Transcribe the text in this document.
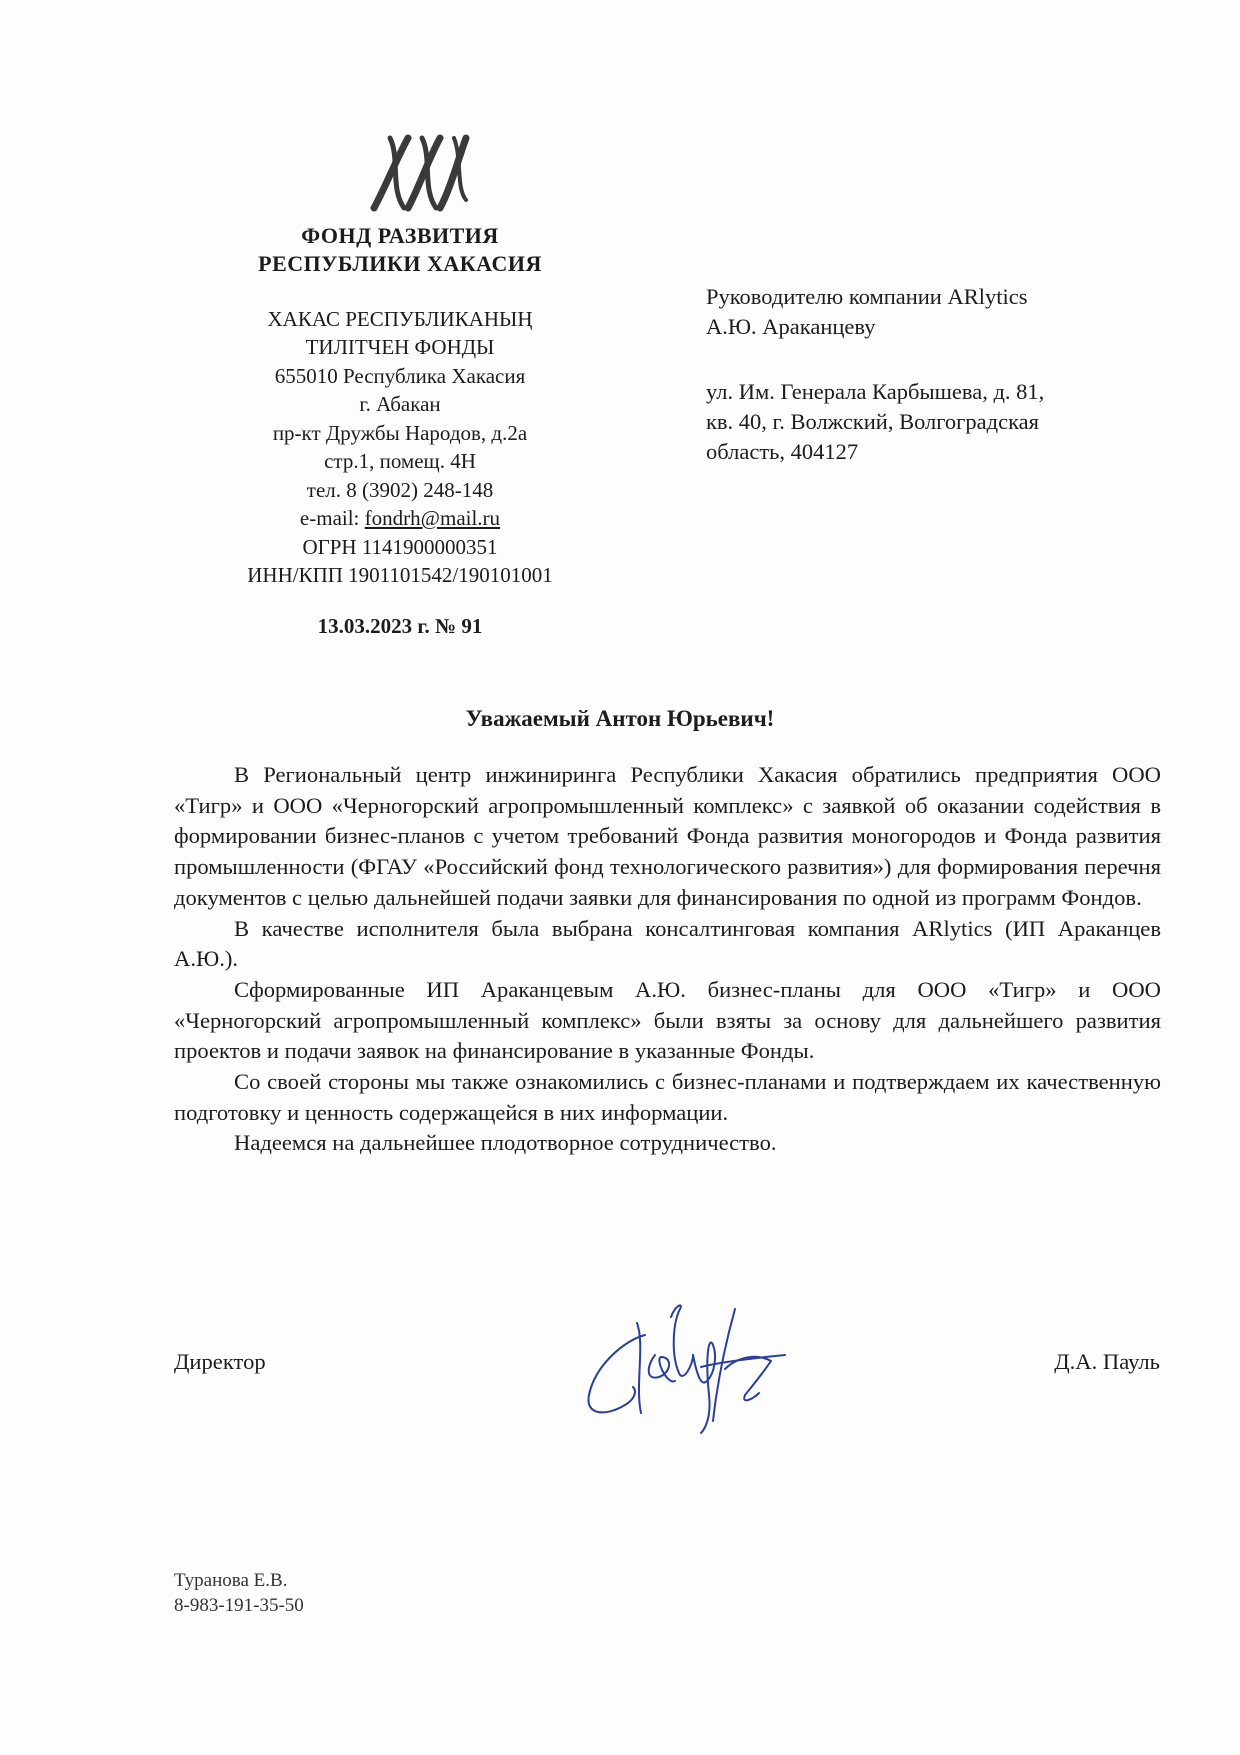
ФОНД РАЗВИТИЯ
РЕСПУБЛИКИ ХАКАСИЯ
ХАКАС РЕСПУБЛИКАНЫҢ
ТИЛIТЧЕН ФОНДЫ
655010 Республика Хакасия
г. Абакан
пр-кт Дружбы Народов, д.2а
стр.1, помещ. 4Н
тел. 8 (3902) 248-148
e-mail: fondrh@mail.ru
ОГРН 1141900000351
ИНН/КПП 1901101542/190101001
13.03.2023 г. № 91
Руководителю компании ARlytics
А.Ю. Араканцеву
ул. Им. Генерала Карбышева, д. 81,
кв. 40, г. Волжский, Волгоградская
область, 404127
Уважаемый Антон Юрьевич!

В Региональный центр инжиниринга Республики Хакасия обратились предприятия ООО «Тигр» и ООО «Черногорский агропромышленный комплекс» с заявкой об оказании содействия в формировании бизнес-планов с учетом требований Фонда развития моногородов и Фонда развития промышленности (ФГАУ «Российский фонд технологического развития») для формирования перечня документов с целью дальнейшей подачи заявки для финансирования по одной из программ Фондов.

В качестве исполнителя была выбрана консалтинговая компания ARlytics (ИП Араканцев А.Ю.).

Сформированные ИП Араканцевым А.Ю. бизнес-планы для ООО «Тигр» и ООО «Черногорский агропромышленный комплекс» были взяты за основу для дальнейшего развития проектов и подачи заявок на финансирование в указанные Фонды.

Со своей стороны мы также ознакомились с бизнес-планами и подтверждаем их качественную подготовку и ценность содержащейся в них информации.

Надеемся на дальнейшее плодотворное сотрудничество.

Директор	Д.А. Пауль
Туранова Е.В.
8-983-191-35-50
